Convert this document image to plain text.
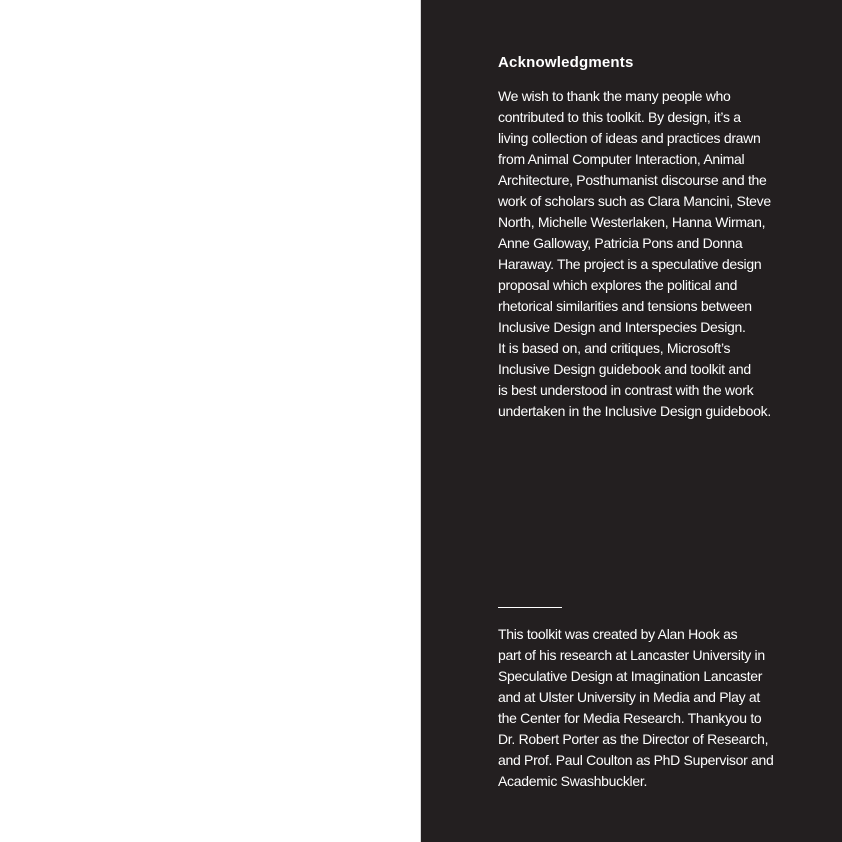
Acknowledgments

We wish to thank the many people who
contributed to this toolkit. By design, it’s a
living collection of ideas and practices drawn
from Animal Computer Interaction, Animal
Architecture, Posthumanist discourse and the
work of scholars such as Clara Mancini, Steve
North, Michelle Westerlaken, Hanna Wirman,
Anne Galloway, Patricia Pons and Donna
Haraway. The project is a speculative design
proposal which explores the political and
rhetorical similarities and tensions between
Inclusive Design and Interspecies Design.
It is based on, and critiques, Microsoft’s
Inclusive Design guidebook and toolkit and
is best understood in contrast with the work
undertaken in the Inclusive Design guidebook.

This toolkit was created by Alan Hook as
part of his research at Lancaster University in
Speculative Design at Imagination Lancaster
and at Ulster University in Media and Play at
the Center for Media Research. Thankyou to
Dr. Robert Porter as the Director of Research,
and Prof. Paul Coulton as PhD Supervisor and
Academic Swashbuckler.
